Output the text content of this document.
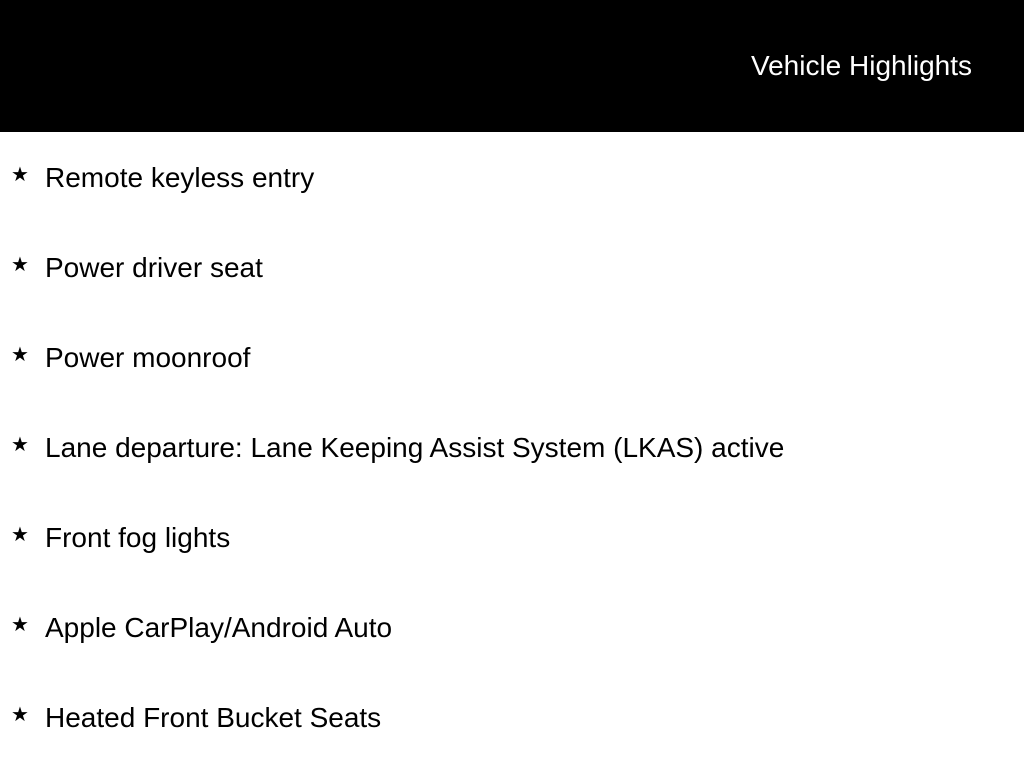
Vehicle Highlights
★ Remote keyless entry
★ Power driver seat
★ Power moonroof
★ Lane departure: Lane Keeping Assist System (LKAS) active
★ Front fog lights
★ Apple CarPlay/Android Auto
★ Heated Front Bucket Seats
